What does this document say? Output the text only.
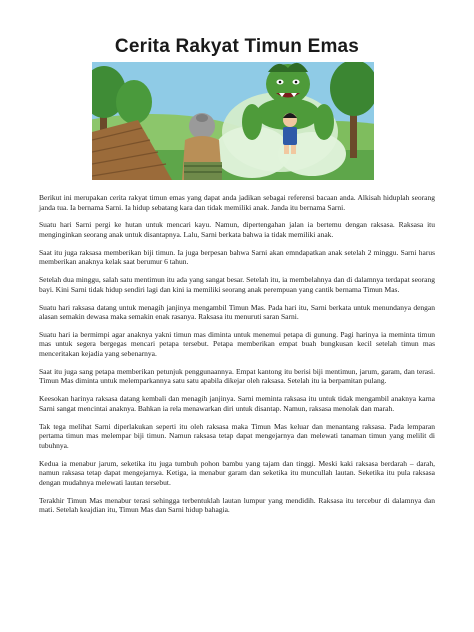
Cerita Rakyat Timun Emas

Berikut ini merupakan cerita rakyat timun emas yang dapat anda jadikan sebagai referensi bacaan anda. Alkisah hiduplah seorang janda tua. Ia bernama Sarni. Ia hidup sebatang kara dan tidak memiliki anak. Janda itu bernama Sarni.

Suatu hari Sarni pergi ke hutan untuk mencari kayu. Namun, dipertengahan jalan ia bertemu dengan raksasa. Raksasa itu menginginkan seorang anak untuk disantapnya. Lalu, Sarni berkata bahwa ia tidak memiliki anak.

Saat itu juga raksasa memberikan biji timun. Ia juga berpesan bahwa Sarni akan emndapatkan anak setelah 2 minggu. Sarni harus memberikan anaknya kelak saat berumur 6 tahun.

Setelah dua minggu, salah satu mentimun itu ada yang sangat besar. Setelah itu, ia membelahnya dan di dalamnya terdapat seorang bayi. Kini Sarni tidak hidup sendiri lagi dan kini ia memiliki seorang anak perempuan yang cantik bernama Timun Mas.

Suatu hari raksasa datang untuk menagih janjinya mengambil Timun Mas. Pada hari itu, Sarni berkata untuk menundanya dengan alasan semakin dewasa maka semakin enak rasanya. Raksasa itu menuruti saran Sarni.

Suatu hari ia bermimpi agar anaknya yakni timun mas diminta untuk menemui petapa di gunung. Pagi harinya ia meminta timun mas untuk segera bergegas mencari petapa tersebut. Petapa memberikan empat buah bungkusan kecil setelah timun mas menceritakan kejadia yang sebenarnya.

Saat itu juga sang petapa memberikan petunjuk penggunaannya. Empat kantong itu berisi biji mentimun, jarum, garam, dan terasi. Timun Mas diminta untuk melemparkannya satu satu apabila dikejar oleh raksasa. Setelah itu ia berpamitan pulang.

Keesokan harinya raksasa datang kembali dan menagih janjinya. Sarni meminta raksasa itu untuk tidak mengambil anaknya karna Sarni sangat mencintai anaknya. Bahkan ia rela menawarkan diri untuk disantap. Namun, raksasa menolak dan marah.

Tak tega melihat Sarni diperlakukan seperti itu oleh raksasa maka Timun Mas keluar dan menantang raksasa. Pada lemparan pertama timun mas melempar biji timun. Namun raksasa tetap dapat mengejarnya dan melewati tanaman timun yang melilit di tubuhnya.

Kedua ia menabur jarum, seketika itu juga tumbuh pohon bambu yang tajam dan tinggi. Meski kaki raksasa berdarah – darah, namun raksasa tetap dapat mengejarnya. Ketiga, ia menabur garam dan seketika itu muncullah lautan. Seketika itu pula raksasa dengan mudahnya melewati lautan tersebut.

Terakhir Timun Mas menabur terasi sehingga terbentuklah lautan lumpur yang mendidih. Raksasa itu tercebur di dalamnya dan mati. Setelah keajdian itu, Timun Mas dan Sarni hidup bahagia.
